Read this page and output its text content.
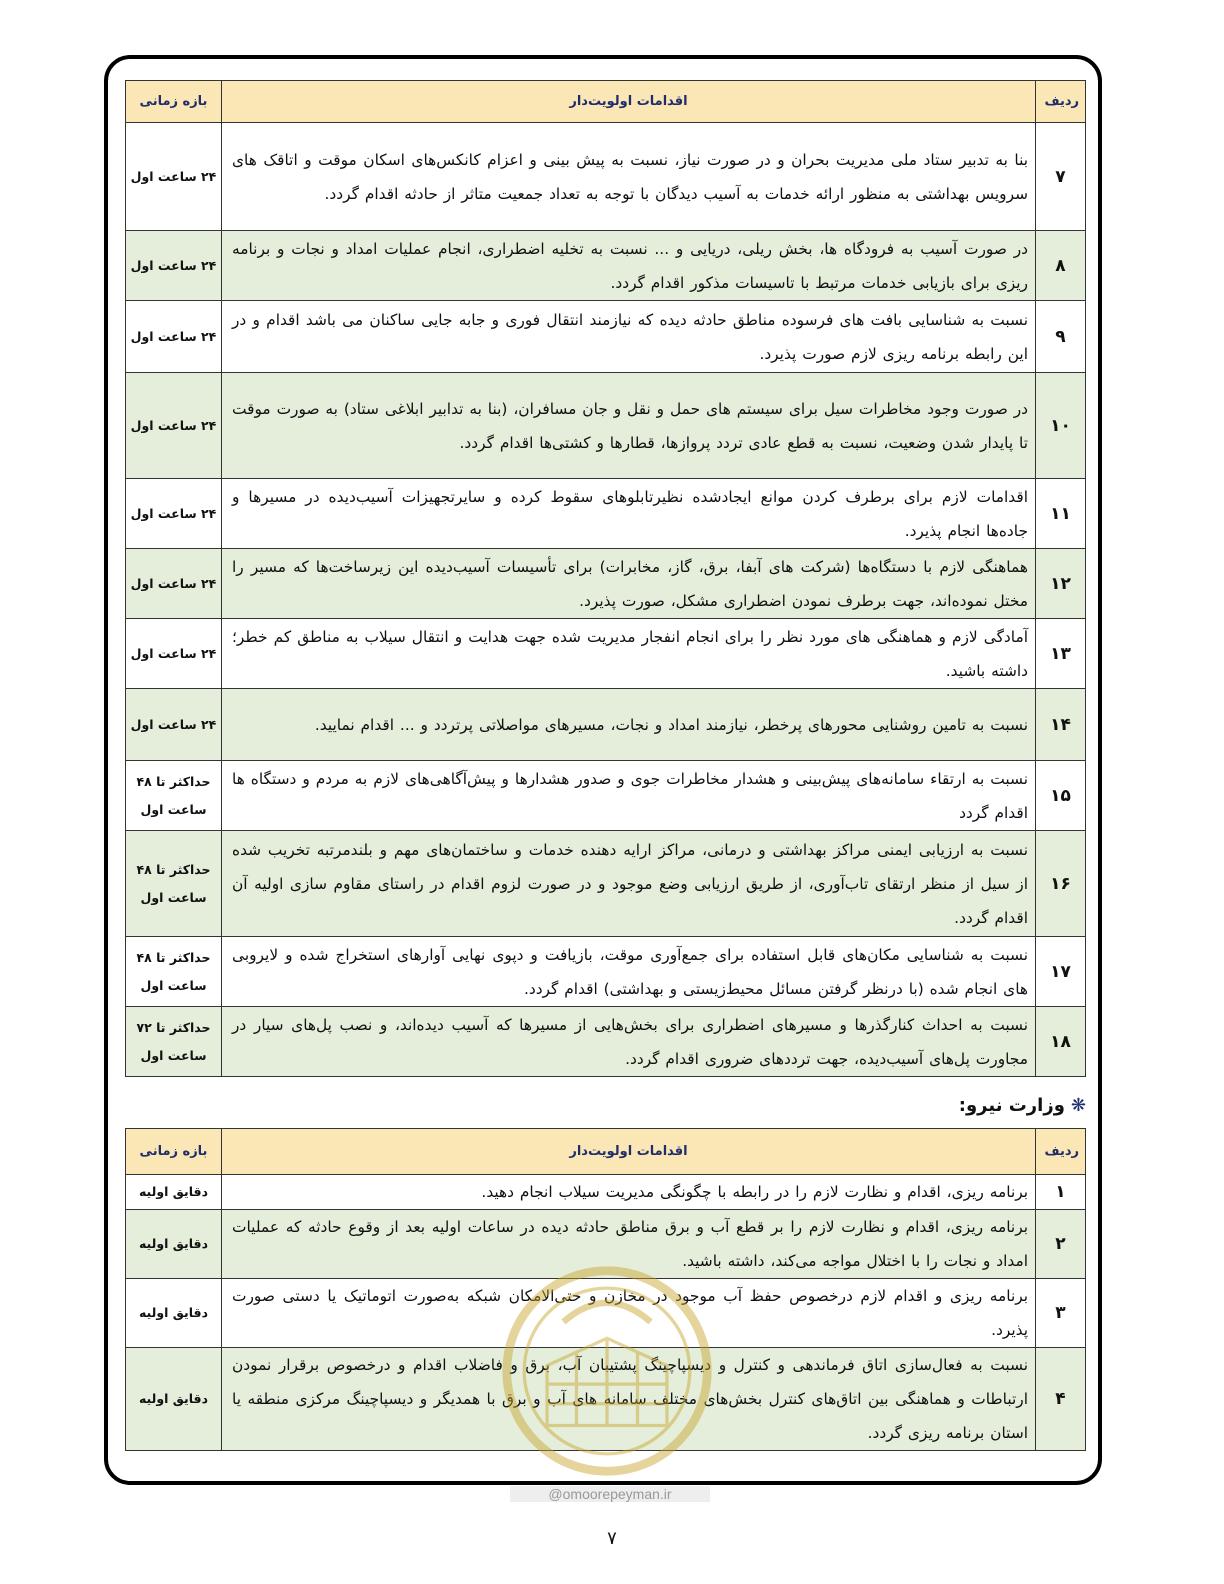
ردیف	اقدامات اولویت‌دار	بازه زمانی
۷	بنا به تدبیر ستاد ملی مدیریت بحران و در صورت نیاز، نسبت به پیش بینی و اعزام کانکس‌های اسکان موقت و اتاقک های سرویس بهداشتی به منظور ارائه خدمات به آسیب دیدگان با توجه به تعداد جمعیت متاثر از حادثه اقدام گردد.	۲۴ ساعت اول
۸	در صورت آسیب به فرودگاه ها، بخش ریلی، دریایی و ... نسبت به تخلیه اضطراری، انجام عملیات امداد و نجات و برنامه ریزی برای بازیابی خدمات مرتبط با تاسیسات مذکور اقدام گردد.	۲۴ ساعت اول
۹	نسبت به شناسایی بافت های فرسوده مناطق حادثه دیده که نیازمند انتقال فوری و جابه جایی ساکنان می باشد اقدام و در این رابطه برنامه ریزی لازم صورت پذیرد.	۲۴ ساعت اول
۱۰	در صورت وجود مخاطرات سیل برای سیستم های حمل و نقل و جان مسافران، (بنا به تدابیر ابلاغی ستاد) به صورت موقت تا پایدار شدن وضعیت، نسبت به قطع عادی تردد پروازها، قطارها و کشتی‌ها اقدام گردد.	۲۴ ساعت اول
۱۱	اقدامات لازم برای برطرف کردن موانع ایجادشده نظیرتابلوهای سقوط کرده و سایرتجهیزات آسیب‌دیده در مسیرها و جاده‌ها انجام پذیرد.	۲۴ ساعت اول
۱۲	هماهنگی لازم با دستگاه‌ها (شرکت های آبفا، برق، گاز، مخابرات) برای تأسیسات آسیب‌دیده این زیرساخت‌ها که مسیر را مختل نموده‌اند، جهت برطرف نمودن اضطراری مشکل، صورت پذیرد.	۲۴ ساعت اول
۱۳	آمادگی لازم و هماهنگی های مورد نظر را برای انجام انفجار مدیریت شده جهت هدایت و انتقال سیلاب به مناطق کم خطر؛ داشته باشید.	۲۴ ساعت اول
۱۴	نسبت به تامین روشنایی محورهای پرخطر، نیازمند امداد و نجات، مسیرهای مواصلاتی پرتردد و ... اقدام نمایید.	۲۴ ساعت اول
۱۵	نسبت به ارتقاء سامانه‌های پیش‌بینی و هشدار مخاطرات جوی و صدور هشدارها و پیش‌آگاهی‌های لازم به مردم و دستگاه ها اقدام گردد	حداکثر تا ۴۸ ساعت اول
۱۶	نسبت به ارزیابی ایمنی مراکز بهداشتی و درمانی، مراکز ارایه دهنده خدمات و ساختمان‌های مهم و بلندمرتبه تخریب شده از سیل از منظر ارتقای تاب‌آوری، از طریق ارزیابی وضع موجود و در صورت لزوم اقدام در راستای مقاوم سازی اولیه آن اقدام گردد.	حداکثر تا ۴۸ ساعت اول
۱۷	نسبت به شناسایی مکان‌های قابل استفاده برای جمع‌آوری موقت، بازیافت و دپوی نهایی آوارهای استخراج شده و لایروبی های انجام شده (با درنظر گرفتن مسائل محیط‌زیستی و بهداشتی) اقدام گردد.	حداکثر تا ۴۸ ساعت اول
۱۸	نسبت به احداث کنارگذرها و مسیرهای اضطراری برای بخش‌هایی از مسیرها که آسیب دیده‌اند، و نصب پل‌های سیار در مجاورت پل‌های آسیب‌دیده، جهت ترددهای ضروری اقدام گردد.	حداکثر تا ۷۲ ساعت اول
❋وزارت نیرو:
ردیف	اقدامات اولویت‌دار	بازه زمانی
۱	برنامه ریزی، اقدام و نظارت لازم را در رابطه با چگونگی مدیریت سیلاب انجام دهید.	دقایق اولیه
۲	برنامه ریزی، اقدام و نظارت لازم را بر قطع آب و برق مناطق حادثه دیده در ساعات اولیه بعد از وقوع حادثه که عملیات امداد و نجات را با اختلال مواجه می‌کند، داشته باشید.	دقایق اولیه
۳	برنامه ریزی و اقدام لازم درخصوص حفظ آب موجود در مخازن و حتی‌الامکان شبکه به‌صورت اتوماتیک یا دستی صورت پذیرد.	دقایق اولیه
۴	نسبت به فعال‌سازی اتاق فرماندهی و کنترل و دیسپاچینگ پشتیبان آب، برق و فاضلاب اقدام و درخصوص برقرار نمودن ارتباطات و هماهنگی بین اتاق‌های کنترل بخش‌های مختلف سامانه های آب و برق با همدیگر و دیسپاچینگ مرکزی منطقه یا استان برنامه ریزی گردد.	دقایق اولیه
@omoorepeyman.ir
۷
